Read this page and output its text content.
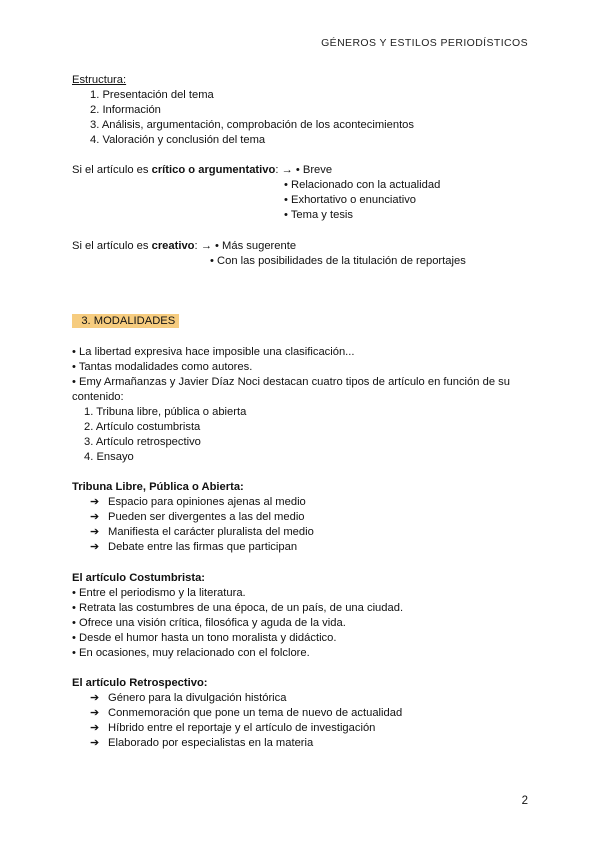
GÉNEROS Y ESTILOS PERIODÍSTICOS
Estructura:
1. Presentación del tema
2. Información
3. Análisis, argumentación, comprobación de los acontecimientos
4. Valoración y conclusión del tema
Si el artículo es crítico o argumentativo: → • Breve
• Relacionado con la actualidad
• Exhortativo o enunciativo
• Tema y tesis
Si el artículo es creativo: → • Más sugerente
• Con las posibilidades de la titulación de reportajes
3. MODALIDADES
• La libertad expresiva hace imposible una clasificación...
• Tantas modalidades como autores.
• Emy Armañanzas y Javier Díaz Noci destacan cuatro tipos de artículo en función de su
contenido:
1. Tribuna libre, pública o abierta
2. Artículo costumbrista
3. Artículo retrospectivo
4. Ensayo
Tribuna Libre, Pública o Abierta:
➔ Espacio para opiniones ajenas al medio
➔ Pueden ser divergentes a las del medio
➔ Manifiesta el carácter pluralista del medio
➔ Debate entre las firmas que participan
El artículo Costumbrista:
• Entre el periodismo y la literatura.
• Retrata las costumbres de una época, de un país, de una ciudad.
• Ofrece una visión crítica, filosófica y aguda de la vida.
• Desde el humor hasta un tono moralista y didáctico.
• En ocasiones, muy relacionado con el folclore.
El artículo Retrospectivo:
➔ Género para la divulgación histórica
➔ Conmemoración que pone un tema de nuevo de actualidad
➔ Híbrido entre el reportaje y el artículo de investigación
➔ Elaborado por especialistas en la materia
2
